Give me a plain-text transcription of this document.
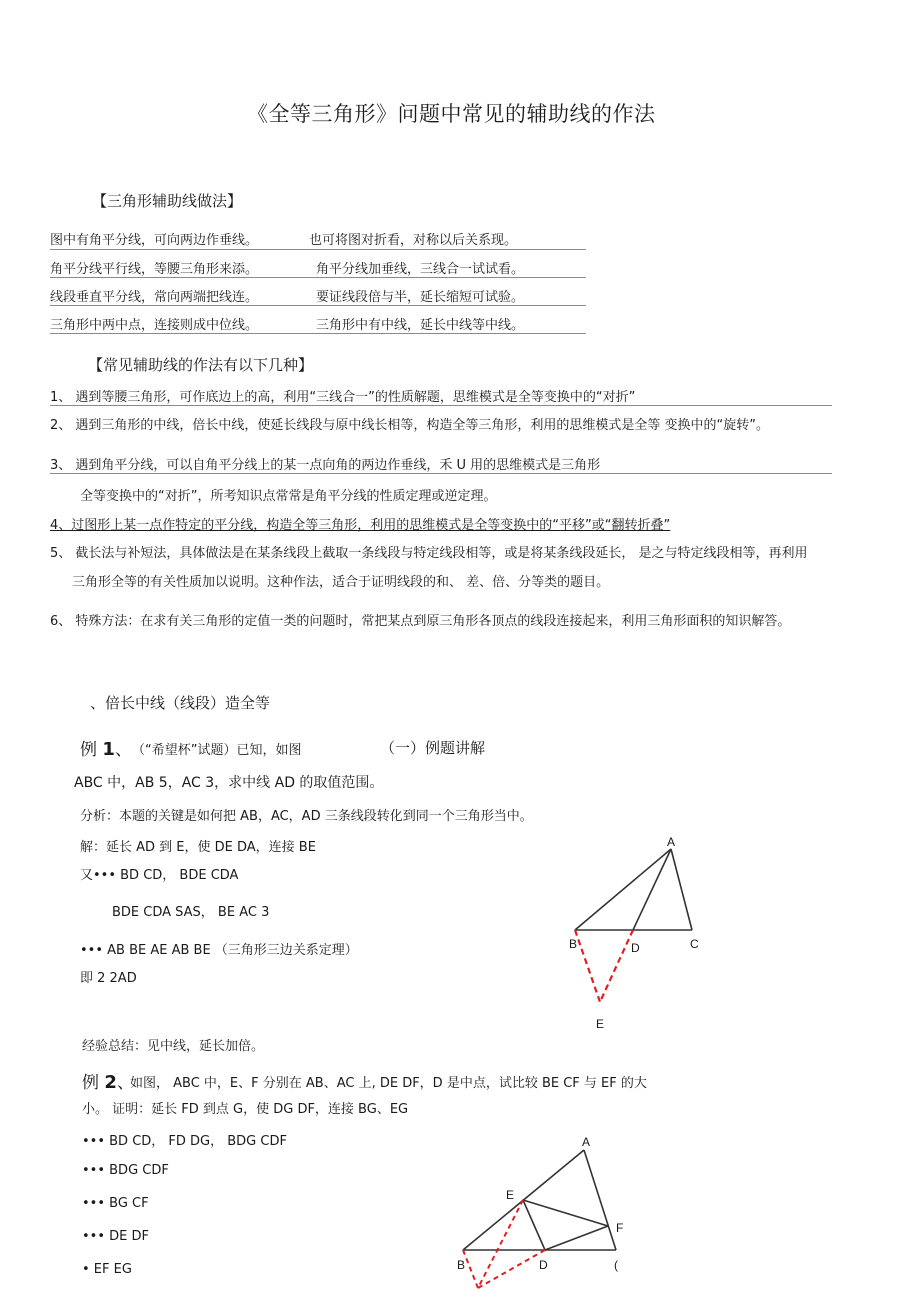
《全等三角形》问题中常见的辅助线的作法
【三角形辅助线做法】
图中有角平分线，可向两边作垂线。	也可将图对折看，对称以后关系现。
角平分线平行线，等腰三角形来添。	角平分线加垂线，三线合一试试看。
线段垂直平分线，常向两端把线连。	要证线段倍与半，延长缩短可试验。
三角形中两中点，连接则成中位线。	三角形中有中线，延长中线等中线。
【常见辅助线的作法有以下几种】
1、 遇到等腰三角形，可作底边上的高，利用“三线合一”的性质解题，思维模式是全等变换中的“对折”
2、 遇到三角形的中线，倍长中线，使延长线段与原中线长相等，构造全等三角形，利用的思维模式是全等 变换中的“旋转”。
3、 遇到角平分线，可以自角平分线上的某一点向角的两边作垂线，禾 U 用的思维模式是三角形
全等变换中的“对折”，所考知识点常常是角平分线的性质定理或逆定理。
4、过图形上某一点作特定的平分线，构造全等三角形，利用的思维模式是全等变换中的“平移”或“翻转折叠”
5、 截长法与补短法，具体做法是在某条线段上截取一条线段与特定线段相等，或是将某条线段延长， 是之与特定线段相等，再利用
三角形全等的有关性质加以说明。这种作法，适合于证明线段的和、 差、倍、分等类的题目。
6、 特殊方法：在求有关三角形的定值一类的问题时，常把某点到原三角形各顶点的线段连接起来，利用三角形面积的知识解答。
、倍长中线（线段）造全等
例 1、 （“希望杯”试题）已知，如图	（一）例题讲解
ABC 中，AB 5，AC 3，求中线 AD 的取值范围。
分析：本题的关键是如何把 AB，AC，AD 三条线段转化到同一个三角形当中。
解：延长 AD 到 E，使 DE DA，连接 BE
又••• BD CD， BDE CDA
BDE CDA SAS， BE AC 3
••• AB BE AE AB BE （三角形三边关系定理）
即 2 2AD
经验总结：见中线，延长加倍。
A
B	C
D
E
例 2、
如图， ABC 中，E、F 分别在 AB、AC 上, DE DF，D 是中点，试比较 BE CF 与 EF 的大
小。 证明：延长 FD 到点 G，使 DG DF，连接 BG、EG
••• BD CD， FD DG， BDG CDF
••• BDG CDF
••• BG CF
••• DE DF
• EF EG
A
E
F
B	D	(
